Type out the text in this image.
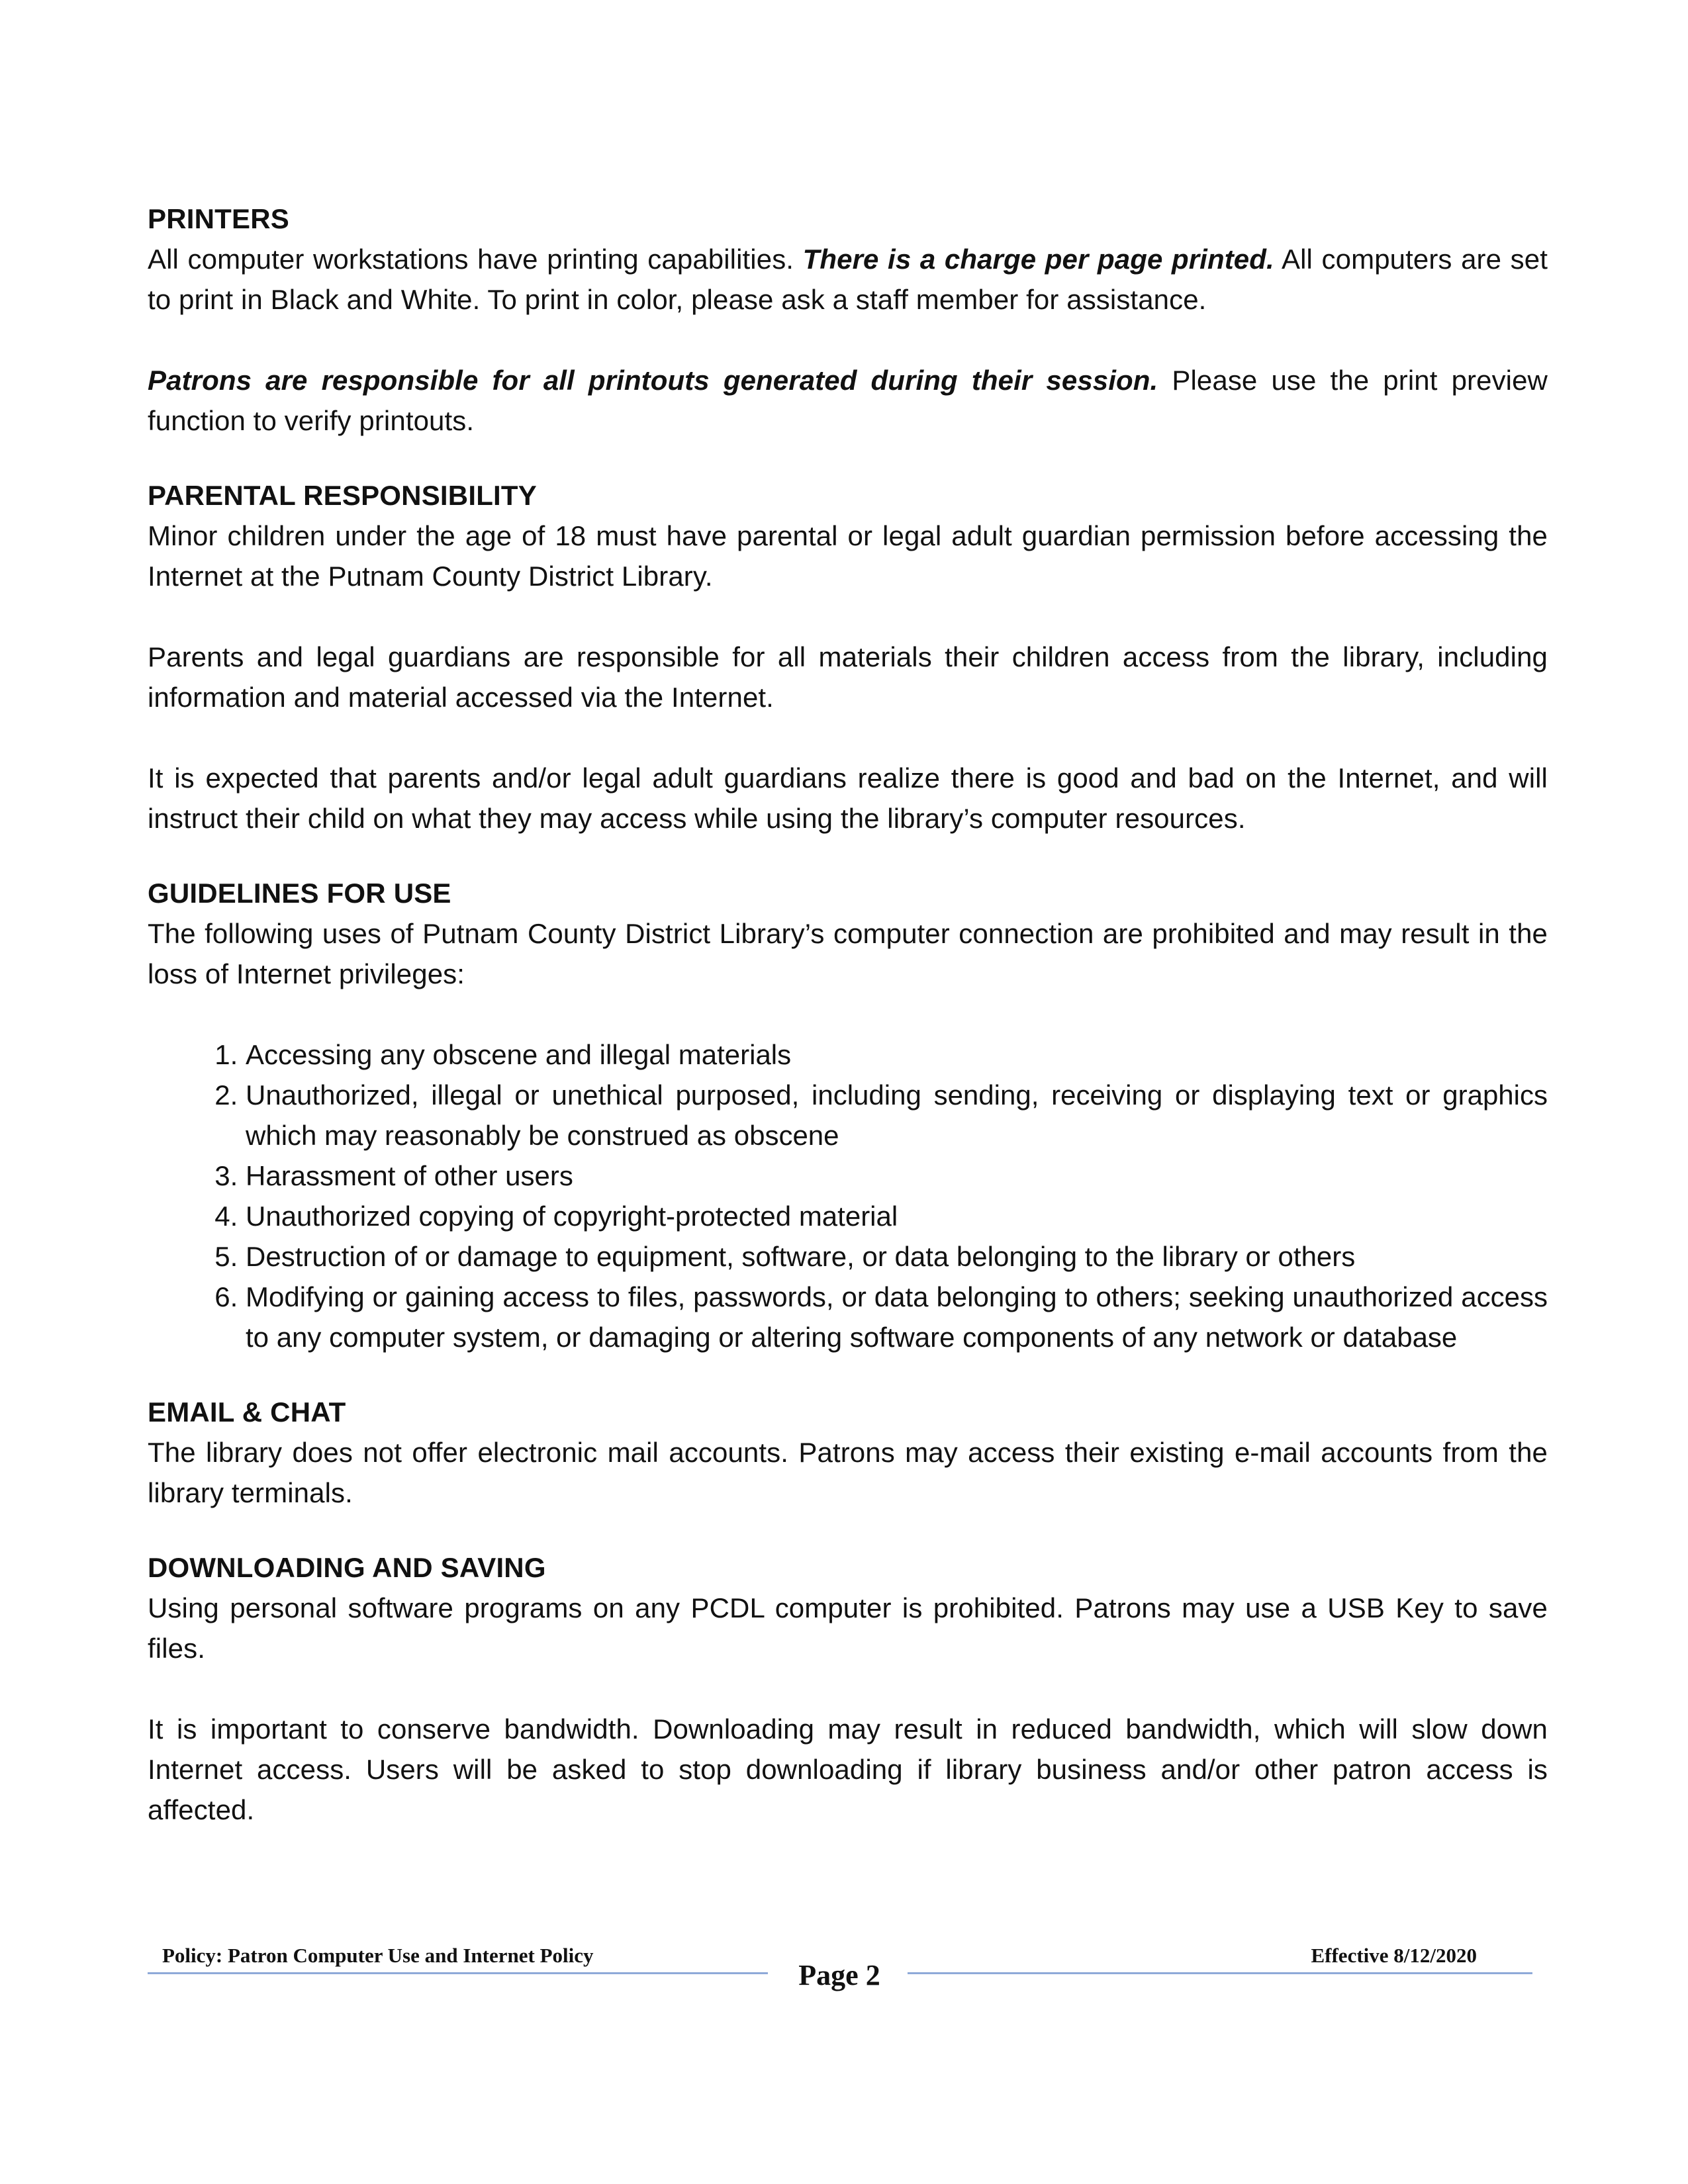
PRINTERS

All computer workstations have printing capabilities. There is a charge per page printed. All computers are set to print in Black and White. To print in color, please ask a staff member for assistance.

Patrons are responsible for all printouts generated during their session. Please use the print preview function to verify printouts.

PARENTAL RESPONSIBILITY

Minor children under the age of 18 must have parental or legal adult guardian permission before accessing the Internet at the Putnam County District Library.

Parents and legal guardians are responsible for all materials their children access from the library, including information and material accessed via the Internet.

It is expected that parents and/or legal adult guardians realize there is good and bad on the Internet, and will instruct their child on what they may access while using the library’s computer resources.

GUIDELINES FOR USE

The following uses of Putnam County District Library’s computer connection are prohibited and may result in the loss of Internet privileges:

1. Accessing any obscene and illegal materials
2. Unauthorized, illegal or unethical purposed, including sending, receiving or displaying text or graphics which may reasonably be construed as obscene
3. Harassment of other users
4. Unauthorized copying of copyright-protected material
5. Destruction of or damage to equipment, software, or data belonging to the library or others
6. Modifying or gaining access to files, passwords, or data belonging to others; seeking unauthorized access to any computer system, or damaging or altering software components of any network or database

EMAIL & CHAT

The library does not offer electronic mail accounts. Patrons may access their existing e-mail accounts from the library terminals.

DOWNLOADING AND SAVING

Using personal software programs on any PCDL computer is prohibited. Patrons may use a USB Key to save files.

It is important to conserve bandwidth. Downloading may result in reduced bandwidth, which will slow down Internet access. Users will be asked to stop downloading if library business and/or other patron access is affected.

Policy: Patron Computer Use and Internet Policy	Effective 8/12/2020
Page 2
